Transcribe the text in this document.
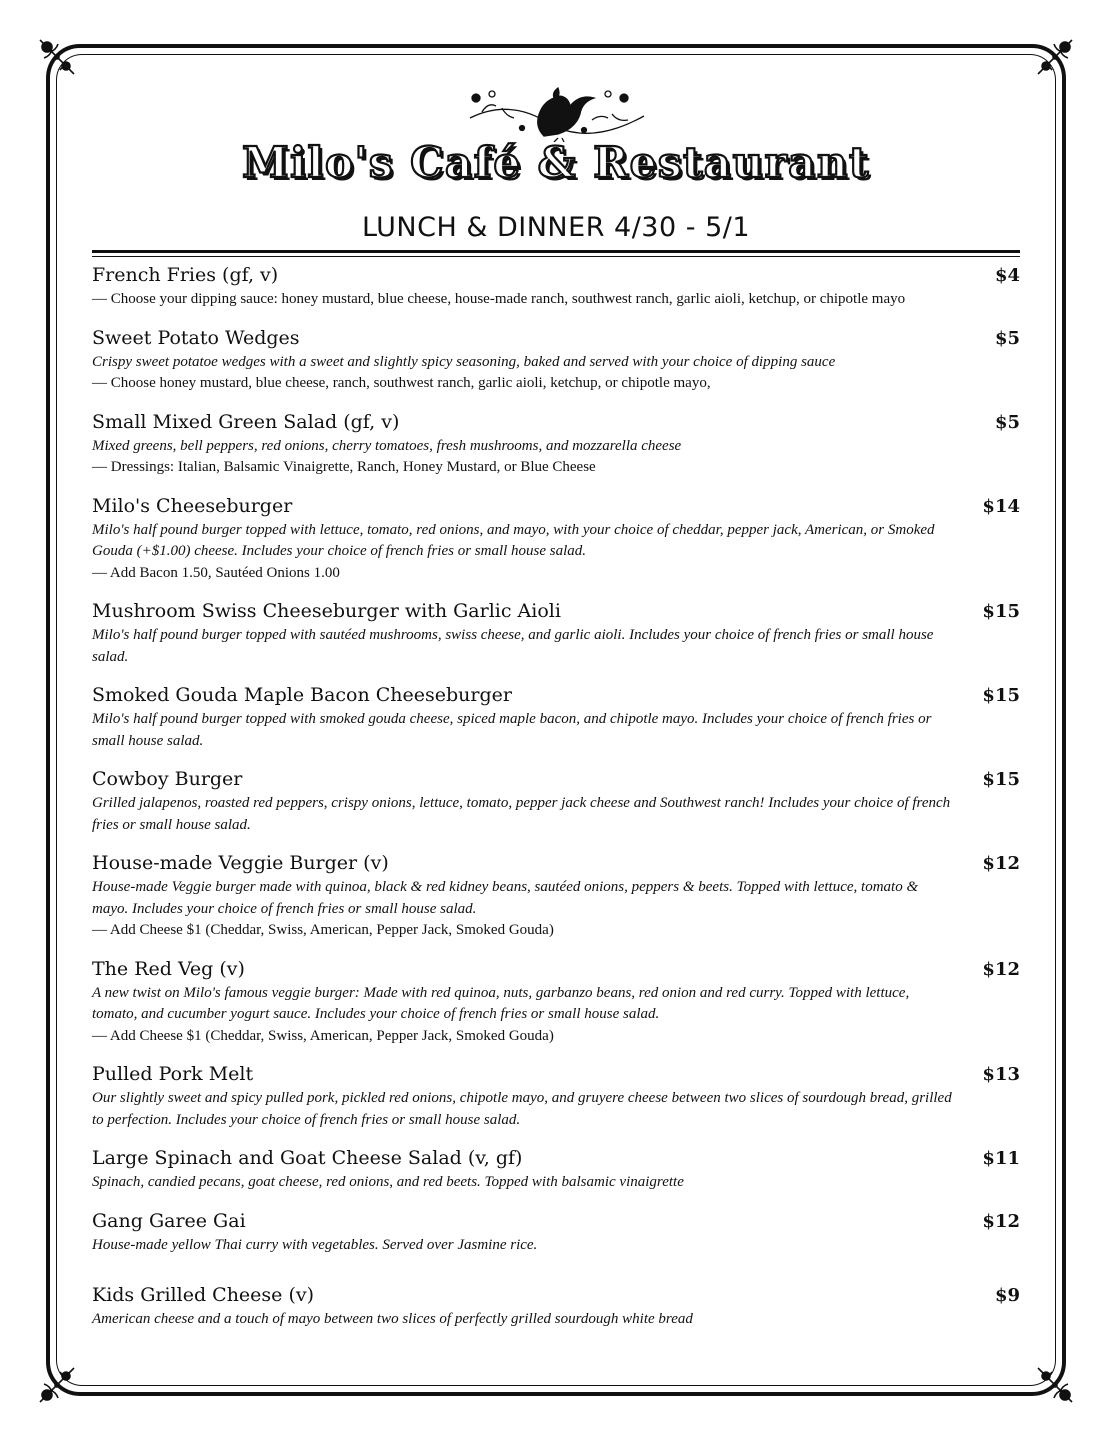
Milo's Café & Restaurant
LUNCH & DINNER 4/30 - 5/1
French Fries (gf, v)	$4
— Choose your dipping sauce: honey mustard, blue cheese, house-made ranch, southwest ranch, garlic aioli, ketchup, or chipotle mayo
Sweet Potato Wedges	$5
Crispy sweet potatoe wedges with a sweet and slightly spicy seasoning, baked and served with your choice of dipping sauce
— Choose honey mustard, blue cheese, ranch, southwest ranch, garlic aioli, ketchup, or chipotle mayo,
Small Mixed Green Salad (gf, v)	$5
Mixed greens, bell peppers, red onions, cherry tomatoes, fresh mushrooms, and mozzarella cheese
— Dressings: Italian, Balsamic Vinaigrette, Ranch, Honey Mustard, or Blue Cheese
Milo's Cheeseburger	$14
Milo's half pound burger topped with lettuce, tomato, red onions, and mayo, with your choice of cheddar, pepper jack, American, or Smoked Gouda (+$1.00) cheese. Includes your choice of french fries or small house salad.
— Add Bacon 1.50, Sautéed Onions 1.00
Mushroom Swiss Cheeseburger with Garlic Aioli	$15
Milo's half pound burger topped with sautéed mushrooms, swiss cheese, and garlic aioli. Includes your choice of french fries or small house salad.
Smoked Gouda Maple Bacon Cheeseburger	$15
Milo's half pound burger topped with smoked gouda cheese, spiced maple bacon, and chipotle mayo. Includes your choice of french fries or small house salad.
Cowboy Burger	$15
Grilled jalapenos, roasted red peppers, crispy onions, lettuce, tomato, pepper jack cheese and Southwest ranch! Includes your choice of french fries or small house salad.
House-made Veggie Burger (v)	$12
House-made Veggie burger made with quinoa, black & red kidney beans, sautéed onions, peppers & beets. Topped with lettuce, tomato & mayo. Includes your choice of french fries or small house salad.
— Add Cheese $1 (Cheddar, Swiss, American, Pepper Jack, Smoked Gouda)
The Red Veg (v)	$12
A new twist on Milo's famous veggie burger: Made with red quinoa, nuts, garbanzo beans, red onion and red curry. Topped with lettuce, tomato, and cucumber yogurt sauce. Includes your choice of french fries or small house salad.
— Add Cheese $1 (Cheddar, Swiss, American, Pepper Jack, Smoked Gouda)
Pulled Pork Melt	$13
Our slightly sweet and spicy pulled pork, pickled red onions, chipotle mayo, and gruyere cheese between two slices of sourdough bread, grilled to perfection. Includes your choice of french fries or small house salad.
Large Spinach and Goat Cheese Salad (v, gf)	$11
Spinach, candied pecans, goat cheese, red onions, and red beets. Topped with balsamic vinaigrette
Gang Garee Gai	$12
House-made yellow Thai curry with vegetables. Served over Jasmine rice.
Kids Grilled Cheese (v)	$9
American cheese and a touch of mayo between two slices of perfectly grilled sourdough white bread
